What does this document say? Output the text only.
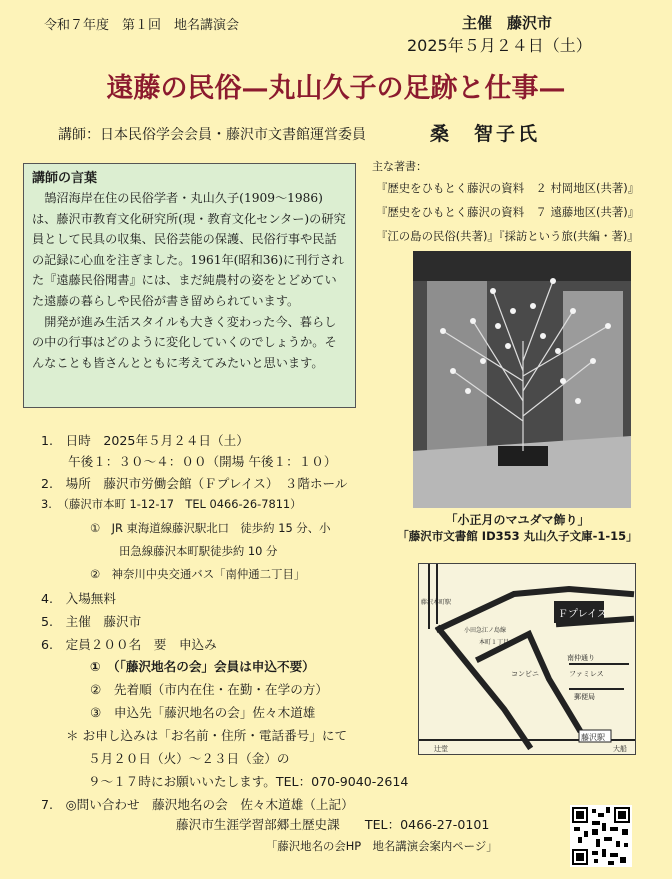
令和７年度　第１回　地名講演会	主催　藤沢市
2025年５月２４日（土）
遠藤の民俗—丸山久子の足跡と仕事—
講師：日本民俗学会会員・藤沢市文書館運営委員	桑　智子氏
講師の言葉

鵠沼海岸在住の民俗学者・丸山久子(1909～1986)は、藤沢市教育文化研究所(現・教育文化センター)の研究員として民具の収集、民俗芸能の保護、民俗行事や民話の記録に心血を注ぎました。1961年(昭和36)に刊行された『遠藤民俗聞書』には、まだ純農村の姿をとどめていた遠藤の暮らしや民俗が書き留められています。

開発が進み生活スタイルも大きく変わった今、暮らしの中の行事はどのように変化していくのでしょうか。そんなことも皆さんとともに考えてみたいと思います。

主な著書：
『歴史をひもとく藤沢の資料　２ 村岡地区(共著)』
『歴史をひもとく藤沢の資料　７ 遠藤地区(共著)』
『江の島の民俗(共著)』『採訪という旅(共編・著)』
「小正月のマユダマ飾り」
「藤沢市文書館 ID353 丸山久子文庫-1-15」
1.　日時　2025年５月２４日（土）
午後１：３０～４：００（開場 午後１：１０）
2.　場所　藤沢市労働会館（Ｆプレイス）　３階ホール
3.　（藤沢市本町 1-12-17　TEL 0466-26-7811）
①　JR 東海道線藤沢駅北口　徒歩約 15 分、小
田急線藤沢本町駅徒歩約 10 分
②　神奈川中央交通バス「南仲通二丁目」
4.　入場無料
5.　主催　藤沢市
6.　定員２００名　要　申込み
①　（「藤沢地名の会」会員は申込不要）
②　先着順（市内在住・在勤・在学の方）
③　申込先「藤沢地名の会」佐々木道雄
＊ お申し込みは「お名前・住所・電話番号」にて
５月２０日（火）～２３日（金）の
９～１７時にお願いいたします。TEL：070-9040-2614
7.　◎問い合わせ　藤沢地名の会　佐々木道雄（上記）
藤沢市生涯学習部郷土歴史課　　TEL：0466-27-0101
「藤沢地名の会HP　地名講演会案内ページ」
Ｆプレイス
藤沢駅
藤沢本町駅
小田急江ノ島線
本町１丁目
コンビニ
南仲通り
ファミレス
郵便局
辻堂	大船
